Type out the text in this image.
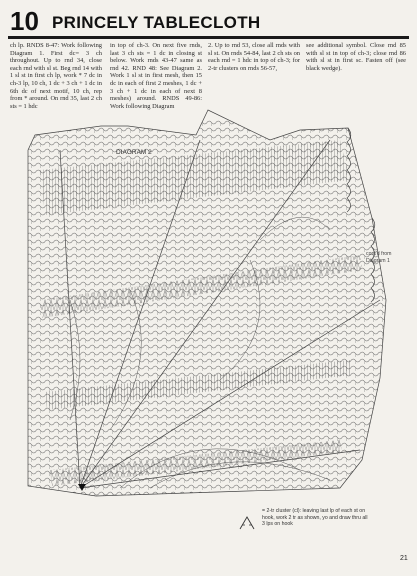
10 PRINCELY TABLECLOTH
ch lp. RNDS 8-47: Work following Diagram 1. First dc= 3 ch throughout. Up to rnd 34, close each rnd with sl st. Beg rnd 14 with 1 sl st in first ch lp, work * 7 dc in ch-3 lp, 10 ch, 1 dc + 3 ch + 1 dc in 6th dc of next motif, 10 ch, rep from * around. On rnd 35, last 2 ch sts = 1 hdc
in top of ch-3. On next five rnds, last 3 ch sts = 1 dc in closing st below. Work rnds 43-47 same as rnd 42. RND 48: See Diagram 2. Work 1 sl st in first mesh, then 15 dc in each of first 2 meshes, 1 dc + 3 ch + 1 dc in each of next 8 meshes) around. RNDS 49-86: Work following Diagram
2. Up to rnd 53, close all rnds with sl st. On rnds 54-84, last 2 ch sts on each rnd = 1 hdc in top of ch-3; for 2-tr clusters on rnds 56-57,
see additional symbol. Close rnd 85 with sl st in top of ch-3; close rnd 86 with sl st in first sc. Fasten off (see black wedge).
DIAGRAM 2
cont'd from Diagram 1
= 2-tr cluster (cl): leaving last lp of each st on hook, work 2 tr as shown, yo and draw thru all 3 lps on hook
21
